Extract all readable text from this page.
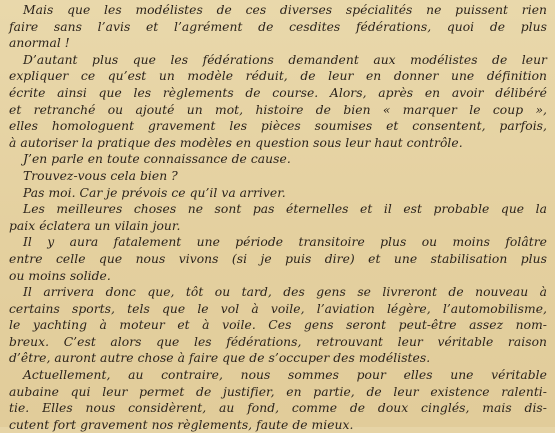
Mais que les modélistes de ces diverses spécialités ne puissent rien
faire sans l’avis et l’agrément de cesdites fédérations, quoi de plus
anormal !
D’autant plus que les fédérations demandent aux modélistes de leur
expliquer ce qu’est un modèle réduit, de leur en donner une définition
écrite ainsi que les règlements de course. Alors, après en avoir délibéré
et retranché ou ajouté un mot, histoire de bien « marquer le coup »,
elles homologuent gravement les pièces soumises et consentent, parfois,
à autoriser la pratique des modèles en question sous leur haut contrôle.
J’en parle en toute connaissance de cause.
Trouvez-vous cela bien ?
Pas moi. Car je prévois ce qu’il va arriver.
Les meilleures choses ne sont pas éternelles et il est probable que la
paix éclatera un vilain jour.
Il y aura fatalement une période transitoire plus ou moins folâtre
entre celle que nous vivons (si je puis dire) et une stabilisation plus
ou moins solide.
Il arrivera donc que, tôt ou tard, des gens se livreront de nouveau à
certains sports, tels que le vol à voile, l’aviation légère, l’automobilisme,
le yachting à moteur et à voile. Ces gens seront peut-être assez nom-
breux. C’est alors que les fédérations, retrouvant leur véritable raison
d’être, auront autre chose à faire que de s’occuper des modélistes.
Actuellement, au contraire, nous sommes pour elles une véritable
aubaine qui leur permet de justifier, en partie, de leur existence ralenti-
tie. Elles nous considèrent, au fond, comme de doux cinglés, mais dis-
cutent fort gravement nos règlements, faute de mieux.
